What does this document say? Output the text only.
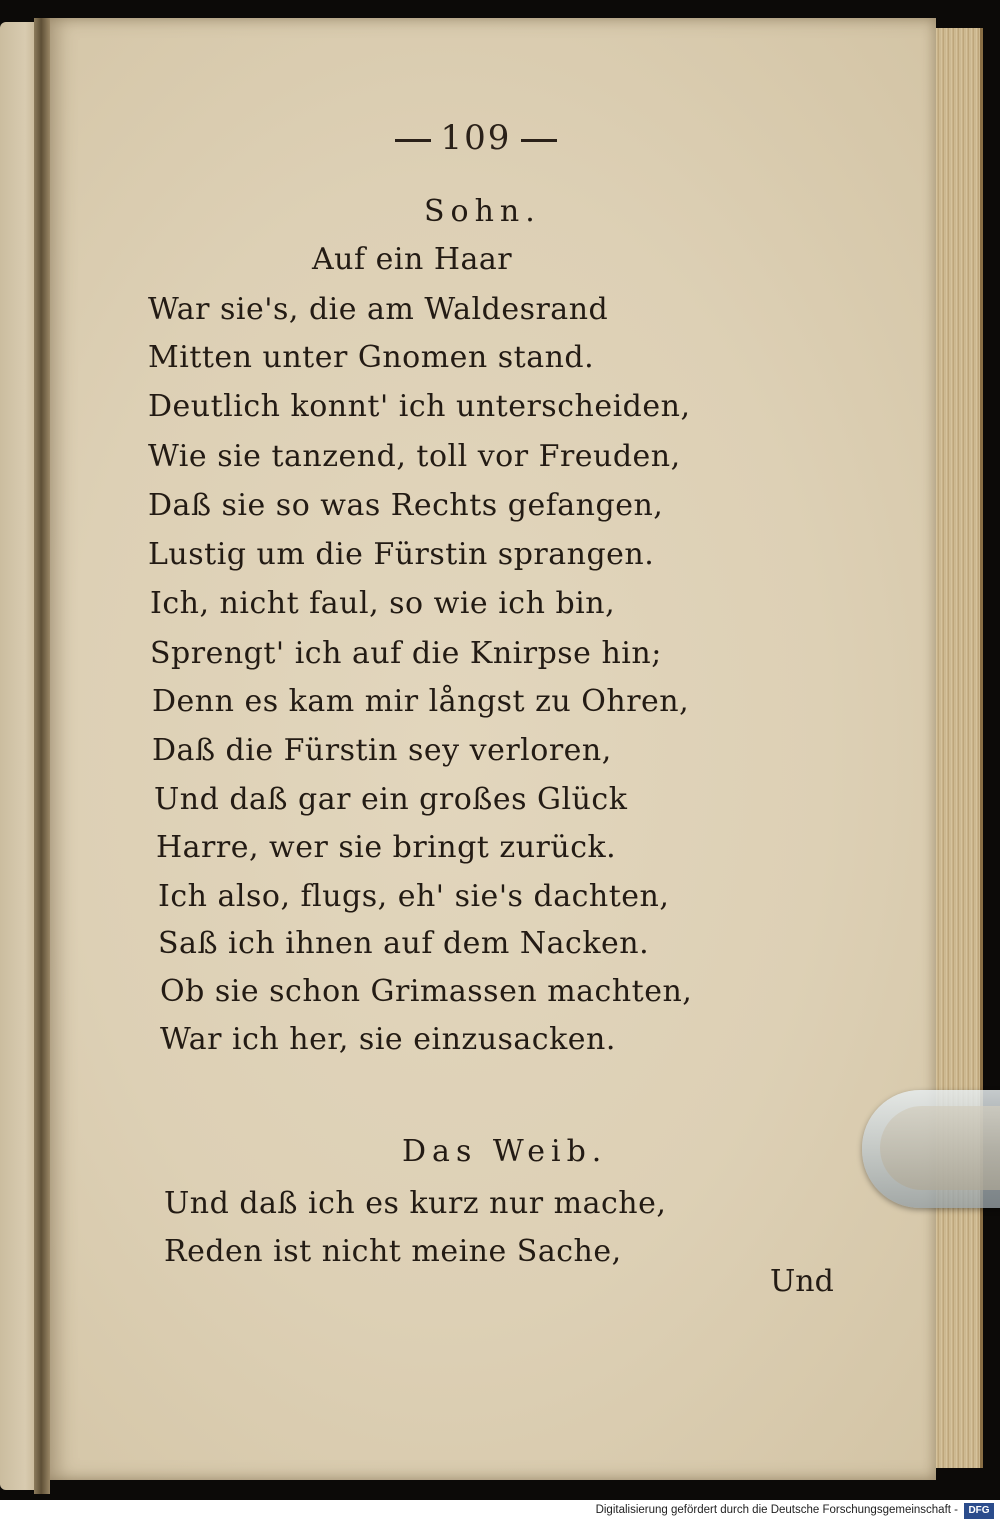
109
Sohn.
Auf ein Haar
War sie's, die am Waldesrand
Mitten unter Gnomen stand.
Deutlich konnt' ich unterscheiden,
Wie sie tanzend, toll vor Freuden,
Daß sie so was Rechts gefangen,
Lustig um die Fürstin sprangen.
Ich, nicht faul, so wie ich bin,
Sprengt' ich auf die Knirpse hin;
Denn es kam mir långst zu Ohren,
Daß die Fürstin sey verloren,
Und daß gar ein großes Glück
Harre, wer sie bringt zurück.
Ich also, flugs, eh' sie's dachten,
Saß ich ihnen auf dem Nacken.
Ob sie schon Grimassen machten,
War ich her, sie einzusacken.
Das Weib.
Und daß ich es kurz nur mache,
Reden ist nicht meine Sache,
Und
Digitalisierung gefördert durch die Deutsche Forschungsgemeinschaft -	DFG
